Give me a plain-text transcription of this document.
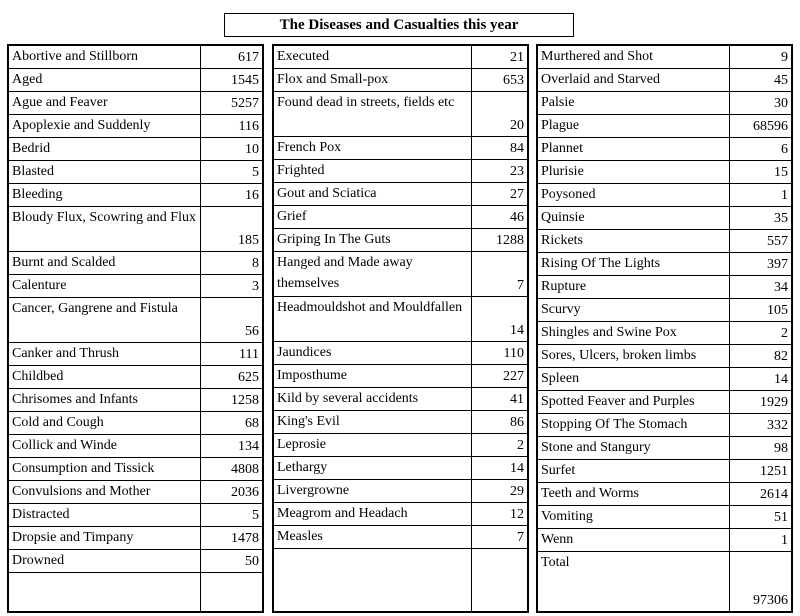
The Diseases and Casualties this year
Abortive and Stillborn	617
Aged	1545
Ague and Feaver	5257
Apoplexie and Suddenly	116
Bedrid	10
Blasted	5
Bleeding	16
Bloudy Flux, Scowring and Flux	185
Burnt and Scalded	8
Calenture	3
Cancer, Gangrene and Fistula	56
Canker and Thrush	111
Childbed	625
Chrisomes and Infants	1258
Cold and Cough	68
Collick and Winde	134
Consumption and Tissick	4808
Convulsions and Mother	2036
Distracted	5
Dropsie and Timpany	1478
Drowned	50

Executed	21
Flox and Small-pox	653
Found dead in streets, fields etc	20
French Pox	84
Frighted	23
Gout and Sciatica	27
Grief	46
Griping In The Guts	1288
Hanged and Made away themselves	7
Headmouldshot and Mouldfallen	14
Jaundices	110
Imposthume	227
Kild by several accidents	41
King's Evil	86
Leprosie	2
Lethargy	14
Livergrowne	29
Meagrom and Headach	12
Measles	7

Murthered and Shot	9
Overlaid and Starved	45
Palsie	30
Plague	68596
Plannet	6
Plurisie	15
Poysoned	1
Quinsie	35
Rickets	557
Rising Of The Lights	397
Rupture	34
Scurvy	105
Shingles and Swine Pox	2
Sores, Ulcers, broken limbs	82
Spleen	14
Spotted Feaver and Purples	1929
Stopping Of The Stomach	332
Stone and Stangury	98
Surfet	1251
Teeth and Worms	2614
Vomiting	51
Wenn	1
Total	97306
